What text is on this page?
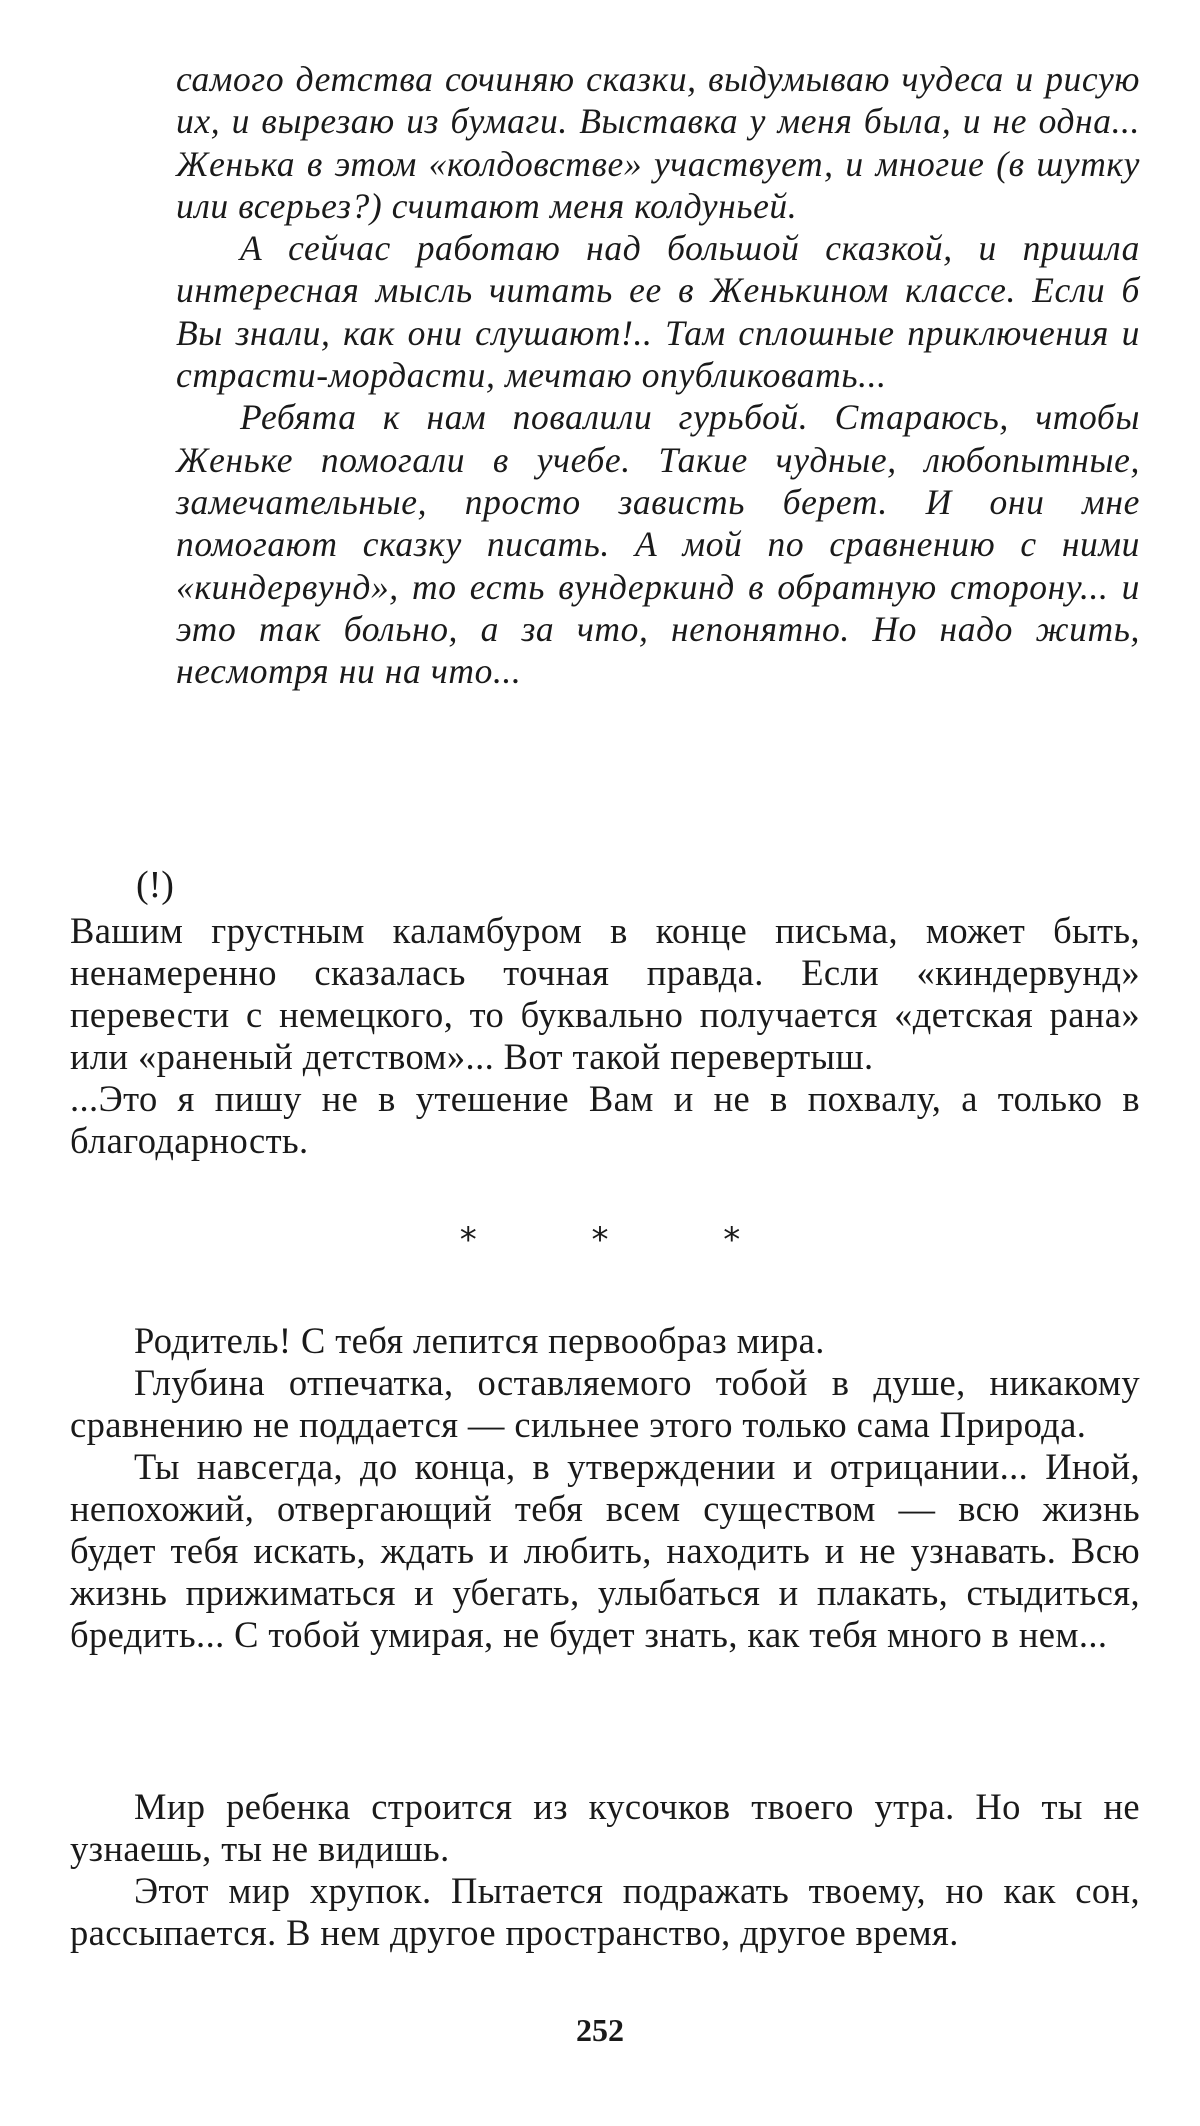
самого детства сочиняю сказки, выдумываю чудеса и рисую их, и вырезаю из бумаги. Выставка у меня была, и не одна... Женька в этом «колдовстве» участвует, и многие (в шутку или всерьез?) считают меня колдуньей.

А сейчас работаю над большой сказкой, и пришла интересная мысль читать ее в Женькином классе. Если б Вы знали, как они слушают!.. Там сплошные приключения и страсти-мордасти, мечтаю опубликовать...

Ребята к нам повалили гурьбой. Стараюсь, чтобы Женьке помогали в учебе. Такие чудные, любопытные, замечательные, просто зависть берет. И они мне помогают сказку писать. А мой по сравнению с ними «киндервунд», то есть вундеркинд в обратную сторону... и это так больно, а за что, непонятно. Но надо жить, несмотря ни на что...

(!)

Вашим грустным каламбуром в конце письма, может быть, ненамеренно сказалась точная правда. Если «киндервунд» перевести с немецкого, то буквально получается «детская рана» или «раненый детством»... Вот такой перевертыш.

...Это я пишу не в утешение Вам и не в похвалу, а только в благодарность.

* * *

Родитель! С тебя лепится первообраз мира.

Глубина отпечатка, оставляемого тобой в душе, никакому сравнению не поддается — сильнее этого только сама Природа.

Ты навсегда, до конца, в утверждении и отрицании... Иной, непохожий, отвергающий тебя всем существом — всю жизнь будет тебя искать, ждать и любить, находить и не узнавать. Всю жизнь прижиматься и убегать, улыбаться и плакать, стыдиться, бредить... С тобой умирая, не будет знать, как тебя много в нем...

Мир ребенка строится из кусочков твоего утра. Но ты не узнаешь, ты не видишь.

Этот мир хрупок. Пытается подражать твоему, но как сон, рассыпается. В нем другое пространство, другое время.

252
